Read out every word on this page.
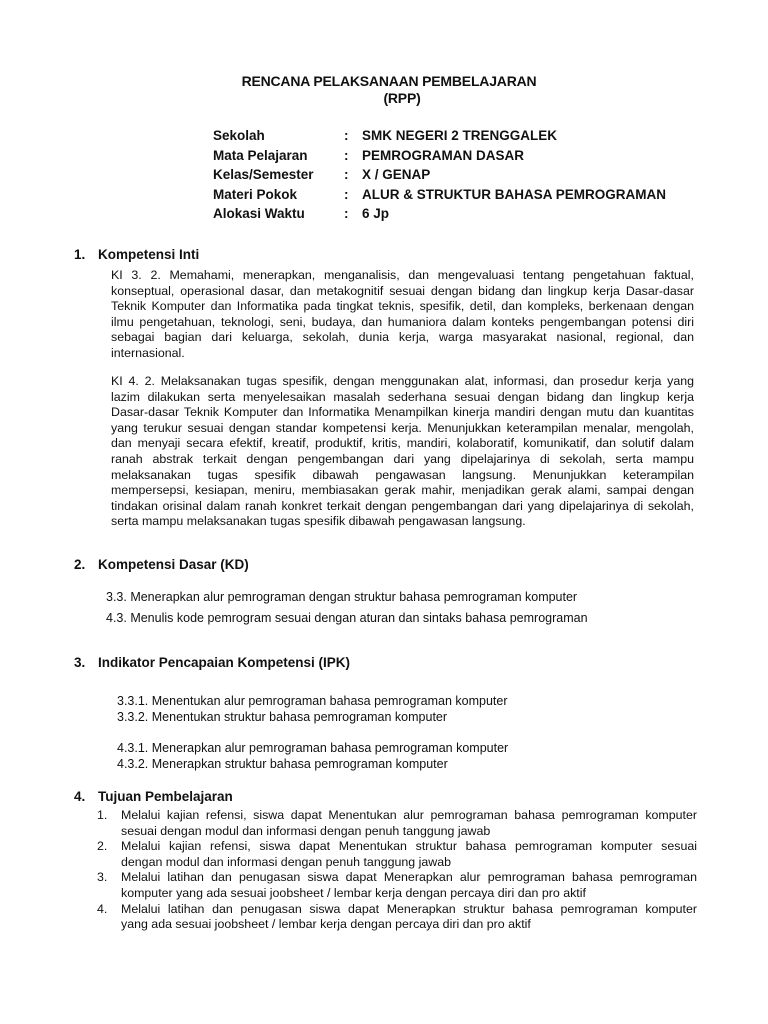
RENCANA PELAKSANAAN PEMBELAJARAN
(RPP)
Sekolah	:	SMK NEGERI 2 TRENGGALEK
Mata Pelajaran	:	PEMROGRAMAN DASAR
Kelas/Semester	:	X / GENAP
Materi Pokok	:	ALUR & STRUKTUR BAHASA PEMROGRAMAN
Alokasi Waktu	:	6 Jp
1. Kompetensi Inti
KI 3. 2. Memahami, menerapkan, menganalisis, dan mengevaluasi tentang pengetahuan faktual,
konseptual, operasional dasar, dan metakognitif sesuai dengan bidang dan lingkup kerja Dasar-dasar
Teknik Komputer dan Informatika pada tingkat teknis, spesifik, detil, dan kompleks, berkenaan dengan
ilmu pengetahuan, teknologi, seni, budaya, dan humaniora dalam konteks pengembangan potensi diri
sebagai bagian dari keluarga, sekolah, dunia kerja, warga masyarakat nasional, regional, dan
internasional.
KI 4. 2. Melaksanakan tugas spesifik, dengan menggunakan alat, informasi, dan prosedur kerja yang
lazim dilakukan serta menyelesaikan masalah sederhana sesuai dengan bidang dan lingkup kerja
Dasar-dasar Teknik Komputer dan Informatika Menampilkan kinerja mandiri dengan mutu dan kuantitas
yang terukur sesuai dengan standar kompetensi kerja. Menunjukkan keterampilan menalar, mengolah,
dan menyaji secara efektif, kreatif, produktif, kritis, mandiri, kolaboratif, komunikatif, dan solutif dalam
ranah abstrak terkait dengan pengembangan dari yang dipelajarinya di sekolah, serta mampu
melaksanakan tugas spesifik dibawah pengawasan langsung. Menunjukkan keterampilan
mempersepsi, kesiapan, meniru, membiasakan gerak mahir, menjadikan gerak alami, sampai dengan
tindakan orisinal dalam ranah konkret terkait dengan pengembangan dari yang dipelajarinya di sekolah,
serta mampu melaksanakan tugas spesifik dibawah pengawasan langsung.
2. Kompetensi Dasar (KD)
3.3. Menerapkan alur pemrograman dengan struktur bahasa pemrograman komputer
4.3. Menulis kode pemrogram sesuai dengan aturan dan sintaks bahasa pemrograman
3. Indikator Pencapaian Kompetensi (IPK)
3.3.1. Menentukan alur pemrograman bahasa pemrograman komputer
3.3.2. Menentukan struktur bahasa pemrograman komputer
4.3.1. Menerapkan alur pemrograman bahasa pemrograman komputer
4.3.2. Menerapkan struktur bahasa pemrograman komputer
4. Tujuan Pembelajaran
1. Melalui kajian refensi, siswa dapat Menentukan alur pemrograman bahasa pemrograman komputer
sesuai dengan modul dan informasi dengan penuh tanggung jawab
2. Melalui kajian refensi, siswa dapat Menentukan struktur bahasa pemrograman komputer sesuai
dengan modul dan informasi dengan penuh tanggung jawab
3. Melalui latihan dan penugasan siswa dapat Menerapkan alur pemrograman bahasa pemrograman
komputer yang ada sesuai joobsheet / lembar kerja dengan percaya diri dan pro aktif
4. Melalui latihan dan penugasan siswa dapat Menerapkan struktur bahasa pemrograman komputer
yang ada sesuai joobsheet / lembar kerja dengan percaya diri dan pro aktif
